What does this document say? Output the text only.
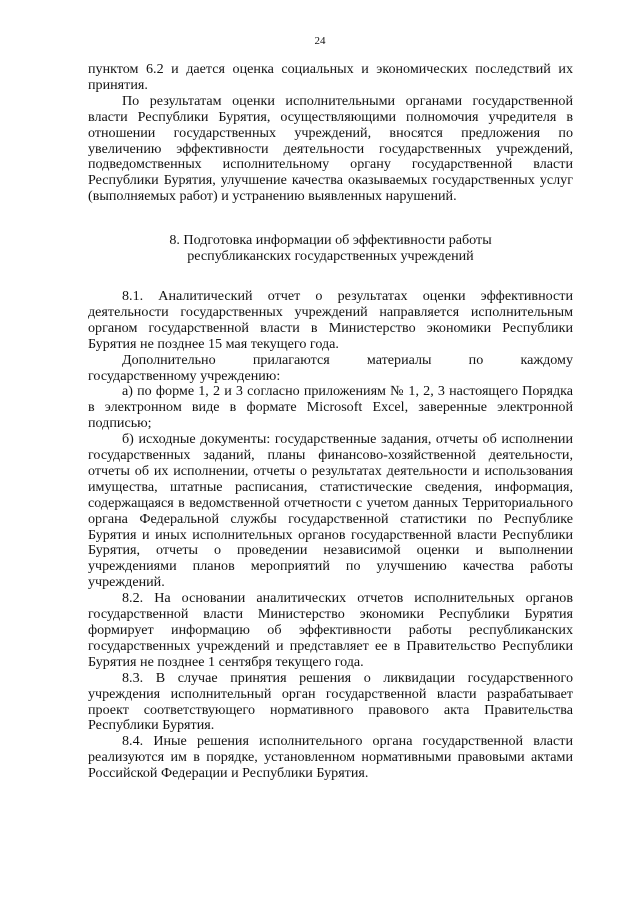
24

пунктом 6.2 и дается оценка социальных и экономических последствий их принятия.

По результатам оценки исполнительными органами государственной власти Республики Бурятия, осуществляющими полномочия учредителя в отношении государственных учреждений, вносятся предложения по увеличению эффективности деятельности государственных учреждений, подведомственных исполнительному органу государственной власти Республики Бурятия, улучшение качества оказываемых государственных услуг (выполняемых работ) и устранению выявленных нарушений.

8. Подготовка информации об эффективности работы
республиканских государственных учреждений

8.1. Аналитический отчет о результатах оценки эффективности деятельности государственных учреждений направляется исполнительным органом государственной власти в Министерство экономики Республики Бурятия не позднее 15 мая текущего года.

Дополнительно прилагаются материалы по каждому

государственному учреждению:

а) по форме 1, 2 и 3 согласно приложениям № 1, 2, 3 настоящего Порядка в электронном виде в формате Microsoft Excel, заверенные электронной подписью;

б) исходные документы: государственные задания, отчеты об исполнении государственных заданий, планы финансово-хозяйственной деятельности, отчеты об их исполнении, отчеты о результатах деятельности и использования имущества, штатные расписания, статистические сведения, информация, содержащаяся в ведомственной отчетности с учетом данных Территориального органа Федеральной службы государственной статистики по Республике Бурятия и иных исполнительных органов государственной власти Республики Бурятия, отчеты о проведении независимой оценки и выполнении учреждениями планов мероприятий по улучшению качества работы учреждений.

8.2. На основании аналитических отчетов исполнительных органов государственной власти Министерство экономики Республики Бурятия формирует информацию об эффективности работы республиканских государственных учреждений и представляет ее в Правительство Республики Бурятия не позднее 1 сентября текущего года.

8.3. В случае принятия решения о ликвидации государственного учреждения исполнительный орган государственной власти разрабатывает проект соответствующего нормативного правового акта Правительства Республики Бурятия.

8.4. Иные решения исполнительного органа государственной власти реализуются им в порядке, установленном нормативными правовыми актами Российской Федерации и Республики Бурятия.
